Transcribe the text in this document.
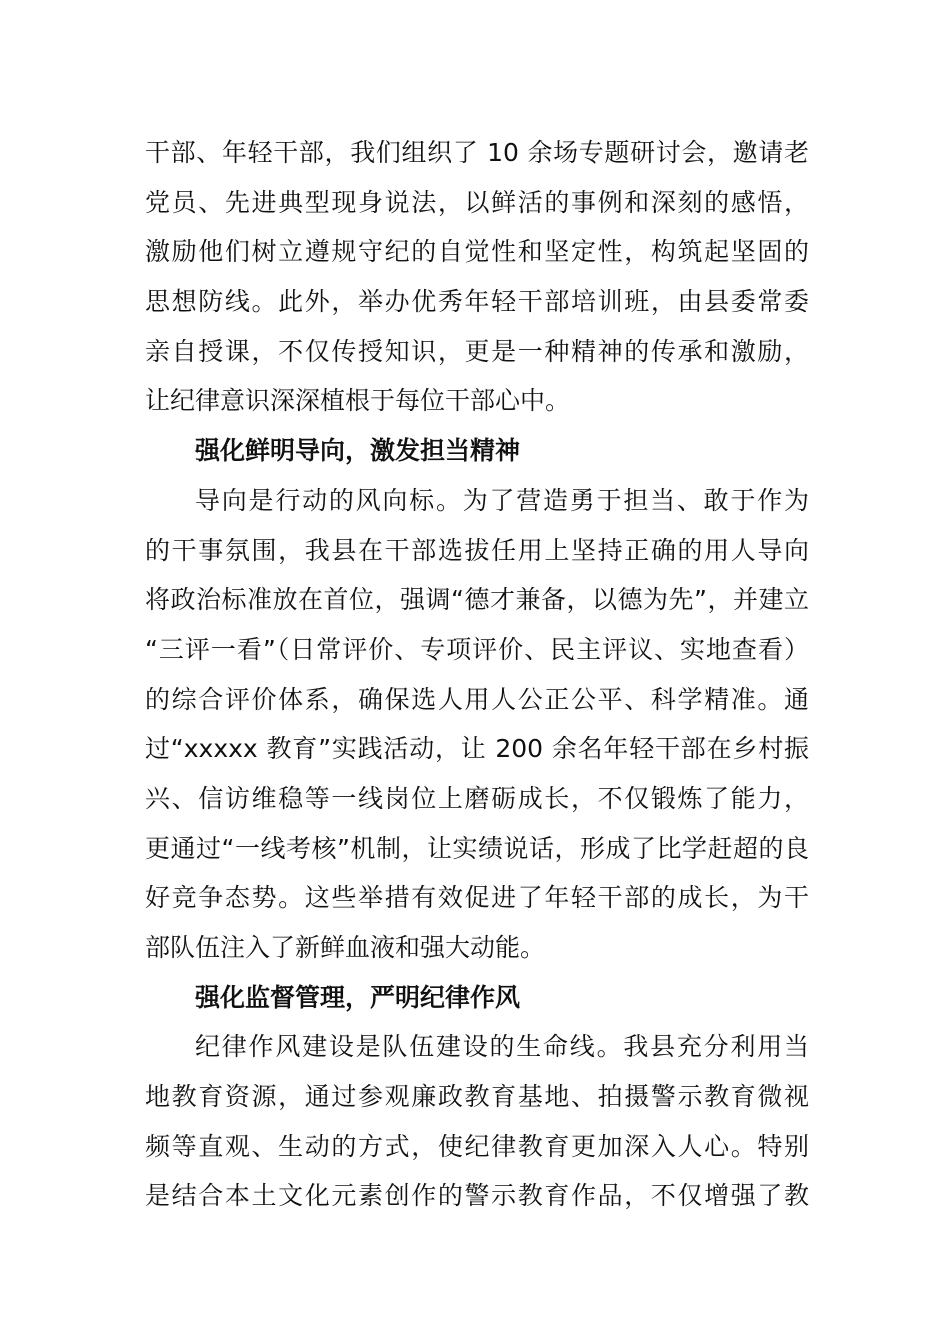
干部、年轻干部，我们组织了 10 余场专题研讨会，邀请老
党员、先进典型现身说法，以鲜活的事例和深刻的感悟，
激励他们树立遵规守纪的自觉性和坚定性，构筑起坚固的
思想防线。此外，举办优秀年轻干部培训班，由县委常委
亲自授课，不仅传授知识，更是一种精神的传承和激励，
让纪律意识深深植根于每位干部心中。
强化鲜明导向，激发担当精神
导向是行动的风向标。为了营造勇于担当、敢于作为
的干事氛围，我县在干部选拔任用上坚持正确的用人导向
将政治标准放在首位，强调“德才兼备，以德为先”，并建立
“三评一看”（日常评价、专项评价、民主评议、实地查看）
的综合评价体系，确保选人用人公正公平、科学精准。通
过“xxxxx 教育”实践活动，让 200 余名年轻干部在乡村振
兴、信访维稳等一线岗位上磨砺成长，不仅锻炼了能力，
更通过“一线考核”机制，让实绩说话，形成了比学赶超的良
好竞争态势。这些举措有效促进了年轻干部的成长，为干
部队伍注入了新鲜血液和强大动能。
强化监督管理，严明纪律作风
纪律作风建设是队伍建设的生命线。我县充分利用当
地教育资源，通过参观廉政教育基地、拍摄警示教育微视
频等直观、生动的方式，使纪律教育更加深入人心。特别
是结合本土文化元素创作的警示教育作品，不仅增强了教
